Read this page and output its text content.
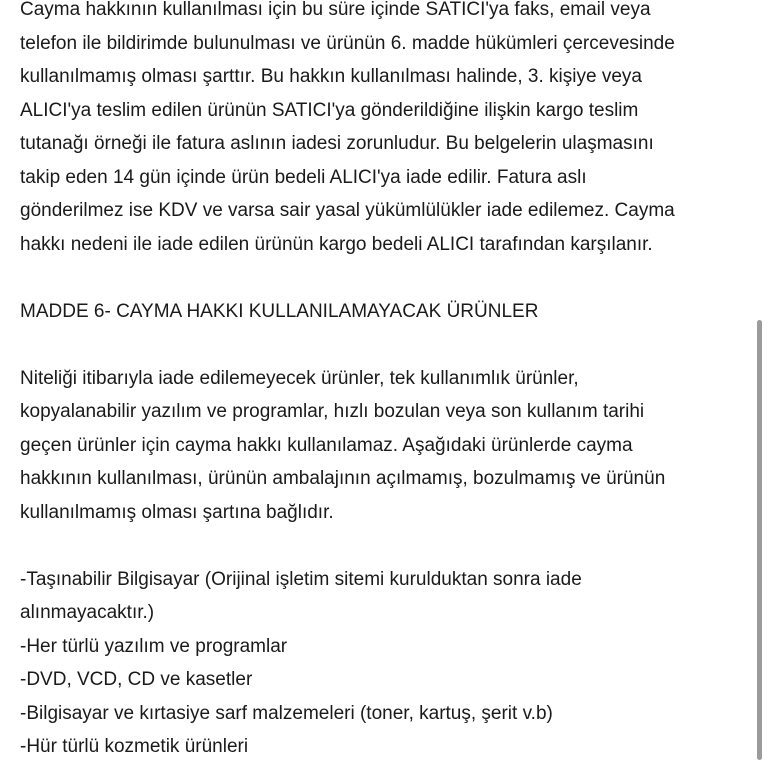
Cayma hakkının kullanılması için bu süre içinde SATICI'ya faks, email veya
telefon ile bildirimde bulunulması ve ürünün 6. madde hükümleri çercevesinde
kullanılmamış olması şarttır. Bu hakkın kullanılması halinde, 3. kişiye veya
ALICI'ya teslim edilen ürünün SATICI'ya gönderildiğine ilişkin kargo teslim
tutanağı örneği ile fatura aslının iadesi zorunludur. Bu belgelerin ulaşmasını
takip eden 14 gün içinde ürün bedeli ALICI'ya iade edilir. Fatura aslı
gönderilmez ise KDV ve varsa sair yasal yükümlülükler iade edilemez. Cayma
hakkı nedeni ile iade edilen ürünün kargo bedeli ALICI tarafından karşılanır.

MADDE 6- CAYMA HAKKI KULLANILAMAYACAK ÜRÜNLER

Niteliği itibarıyla iade edilemeyecek ürünler, tek kullanımlık ürünler,
kopyalanabilir yazılım ve programlar, hızlı bozulan veya son kullanım tarihi
geçen ürünler için cayma hakkı kullanılamaz. Aşağıdaki ürünlerde cayma
hakkının kullanılması, ürünün ambalajının açılmamış, bozulmamış ve ürünün
kullanılmamış olması şartına bağlıdır.

-Taşınabilir Bilgisayar (Orijinal işletim sitemi kurulduktan sonra iade
alınmayacaktır.)
-Her türlü yazılım ve programlar
-DVD, VCD, CD ve kasetler
-Bilgisayar ve kırtasiye sarf malzemeleri (toner, kartuş, şerit v.b)
-Hür türlü kozmetik ürünleri
